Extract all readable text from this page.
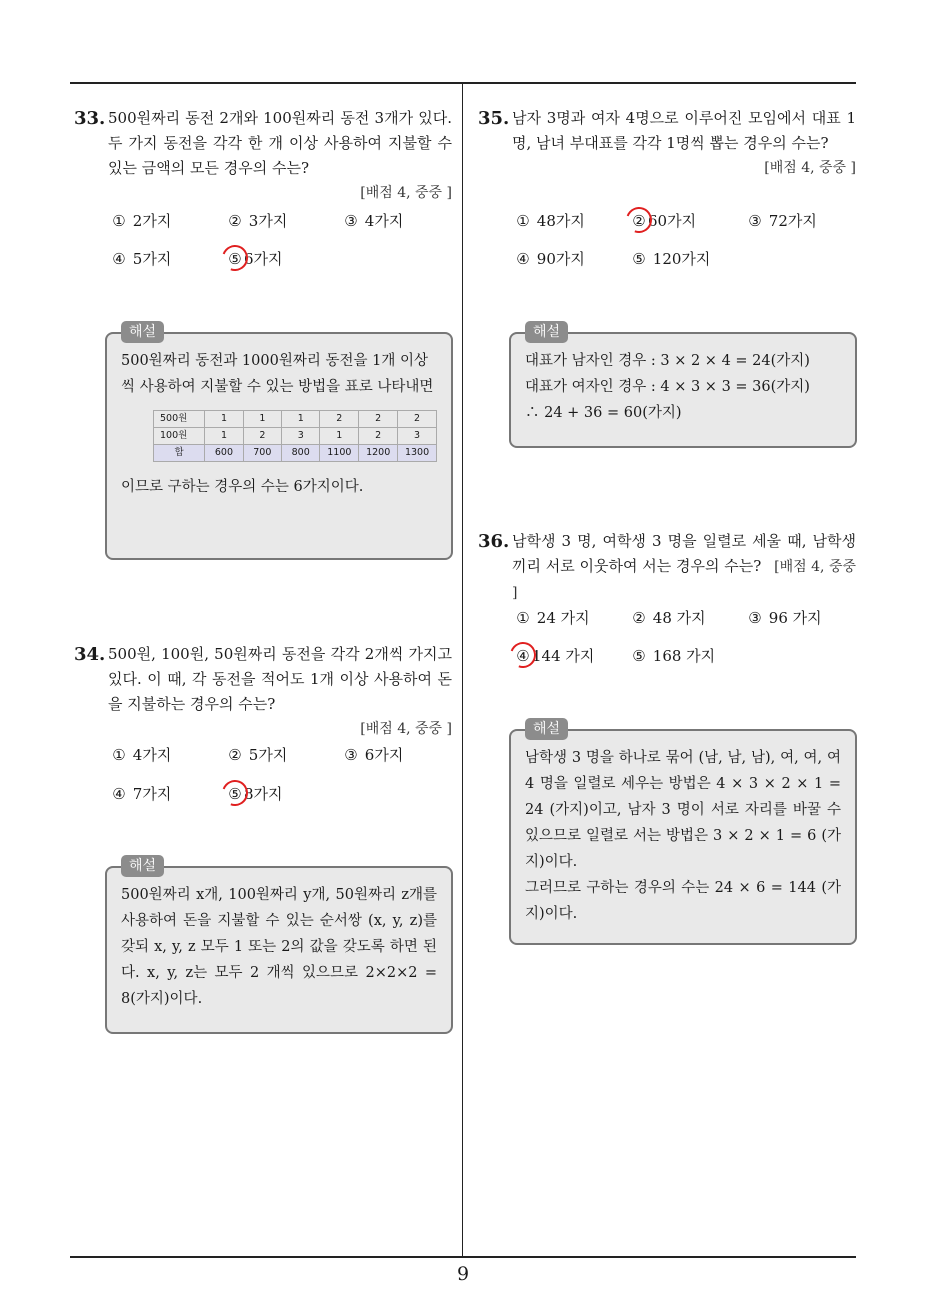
9
33. 500원짜리 동전 2개와 100원짜리 동전 3개가 있다. 두 가지 동전을 각각 한 개 이상 사용하여 지불할 수 있는 금액의 모든 경우의 수는?
[배점 4, 중중 ]
① 2가지	② 3가지	③ 4가지
④ 5가지	⑤ 6가지
해설

500원짜리 동전과 1000원짜리 동전을 1개 이상씩 사용하여 지불할 수 있는 방법을 표로 나타내면

500원	1	1	1	2	2	2
100원	1	2	3	1	2	3
합	600	700	800	1100	1200	1300

이므로 구하는 경우의 수는 6가지이다.

34. 500원, 100원, 50원짜리 동전을 각각 2개씩 가지고 있다. 이 때, 각 동전을 적어도 1개 이상 사용하여 돈을 지불하는 경우의 수는?
[배점 4, 중중 ]
① 4가지	② 5가지	③ 6가지
④ 7가지	⑤ 8가지
해설

500원짜리 x개, 100원짜리 y개, 50원짜리 z개를 사용하여 돈을 지불할 수 있는 순서쌍 (x, y, z)를 갖되 x, y, z 모두 1 또는 2의 값을 갖도록 하면 된다. x, y, z는 모두 2 개씩 있으므로 2×2×2 = 8(가지)이다.

35. 남자 3명과 여자 4명으로 이루어진 모임에서 대표 1명, 남녀 부대표를 각각 1명씩 뽑는 경우의 수는?
[배점 4, 중중 ]
① 48가지	② 60가지	③ 72가지
④ 90가지	⑤ 120가지
해설

대표가 남자인 경우 : 3 × 2 × 4 = 24(가지)

대표가 여자인 경우 : 4 × 3 × 3 = 36(가지)

∴ 24 + 36 = 60(가지)

36. 남학생 3 명, 여학생 3 명을 일렬로 세울 때, 남학생끼리 서로 이웃하여 서는 경우의 수는? [배점 4, 중중 ]
① 24 가지	② 48 가지	③ 96 가지
④ 144 가지	⑤ 168 가지
해설

남학생 3 명을 하나로 묶어 (남, 남, 남), 여, 여, 여 4 명을 일렬로 세우는 방법은 4 × 3 × 2 × 1 = 24 (가지)이고, 남자 3 명이 서로 자리를 바꿀 수 있으므로 일렬로 서는 방법은 3 × 2 × 1 = 6 (가지)이다.

그러므로 구하는 경우의 수는 24 × 6 = 144 (가지)이다.
